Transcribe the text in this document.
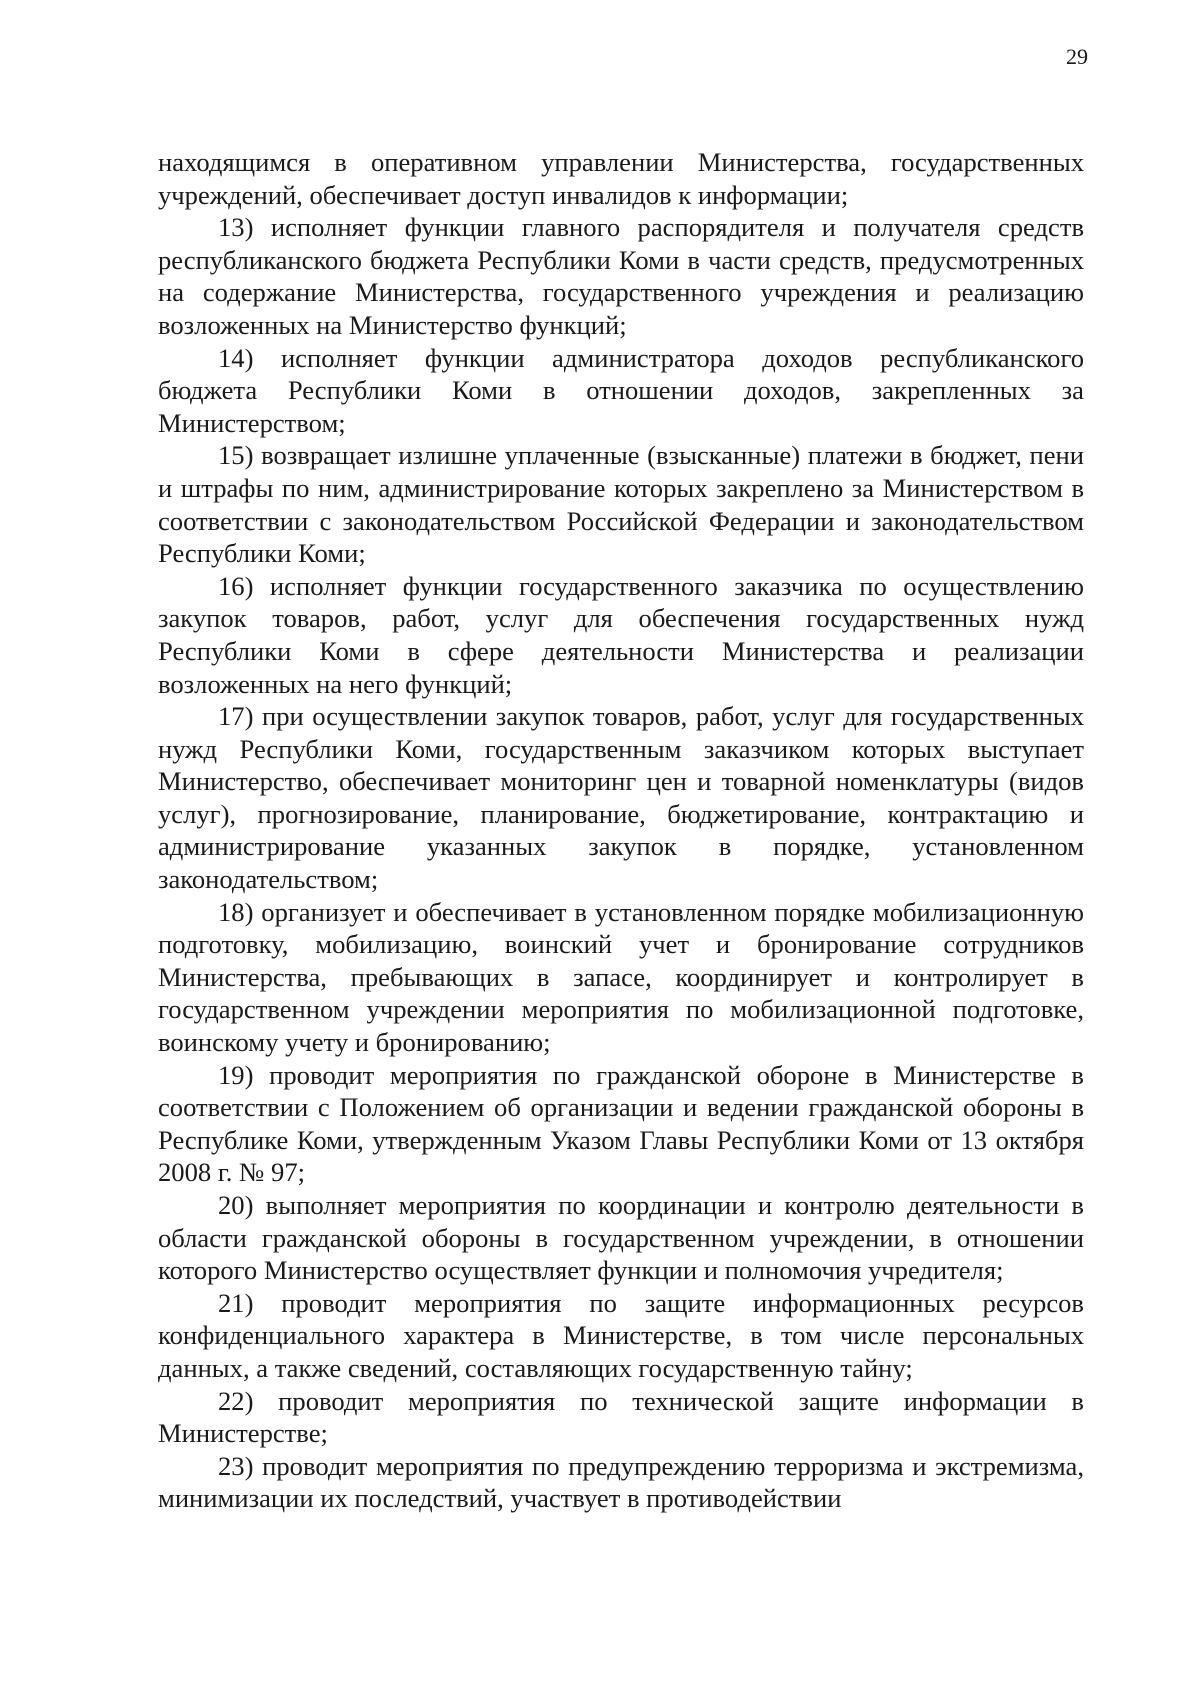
29

находящимся в оперативном управлении Министерства, государственных учреждений, обеспечивает доступ инвалидов к информации;

13) исполняет функции главного распорядителя и получателя средств республиканского бюджета Республики Коми в части средств, предусмотренных на содержание Министерства, государственного учреждения и реализацию возложенных на Министерство функций;

14) исполняет функции администратора доходов республиканского бюджета Республики Коми в отношении доходов, закрепленных за Министерством;

15) возвращает излишне уплаченные (взысканные) платежи в бюджет, пени и штрафы по ним, администрирование которых закреплено за Министерством в соответствии с законодательством Российской Федерации и законодательством Республики Коми;

16) исполняет функции государственного заказчика по осуществлению закупок товаров, работ, услуг для обеспечения государственных нужд Республики Коми в сфере деятельности Министерства и реализации возложенных на него функций;

17) при осуществлении закупок товаров, работ, услуг для государственных нужд Республики Коми, государственным заказчиком которых выступает Министерство, обеспечивает мониторинг цен и товарной номенклатуры (видов услуг), прогнозирование, планирование, бюджетирование, контрактацию и администрирование указанных закупок в порядке, установленном законодательством;

18) организует и обеспечивает в установленном порядке мобилизационную подготовку, мобилизацию, воинский учет и бронирование сотрудников Министерства, пребывающих в запасе, координирует и контролирует в государственном учреждении мероприятия по мобилизационной подготовке, воинскому учету и бронированию;

19) проводит мероприятия по гражданской обороне в Министерстве в соответствии с Положением об организации и ведении гражданской обороны в Республике Коми, утвержденным Указом Главы Республики Коми от 13 октября 2008 г. № 97;

20) выполняет мероприятия по координации и контролю деятельности в области гражданской обороны в государственном учреждении, в отношении которого Министерство осуществляет функции и полномочия учредителя;

21) проводит мероприятия по защите информационных ресурсов конфиденциального характера в Министерстве, в том числе персональных данных, а также сведений, составляющих государственную тайну;

22) проводит мероприятия по технической защите информации в Министерстве;

23) проводит мероприятия по предупреждению терроризма и экстремизма, минимизации их последствий, участвует в противодействии
